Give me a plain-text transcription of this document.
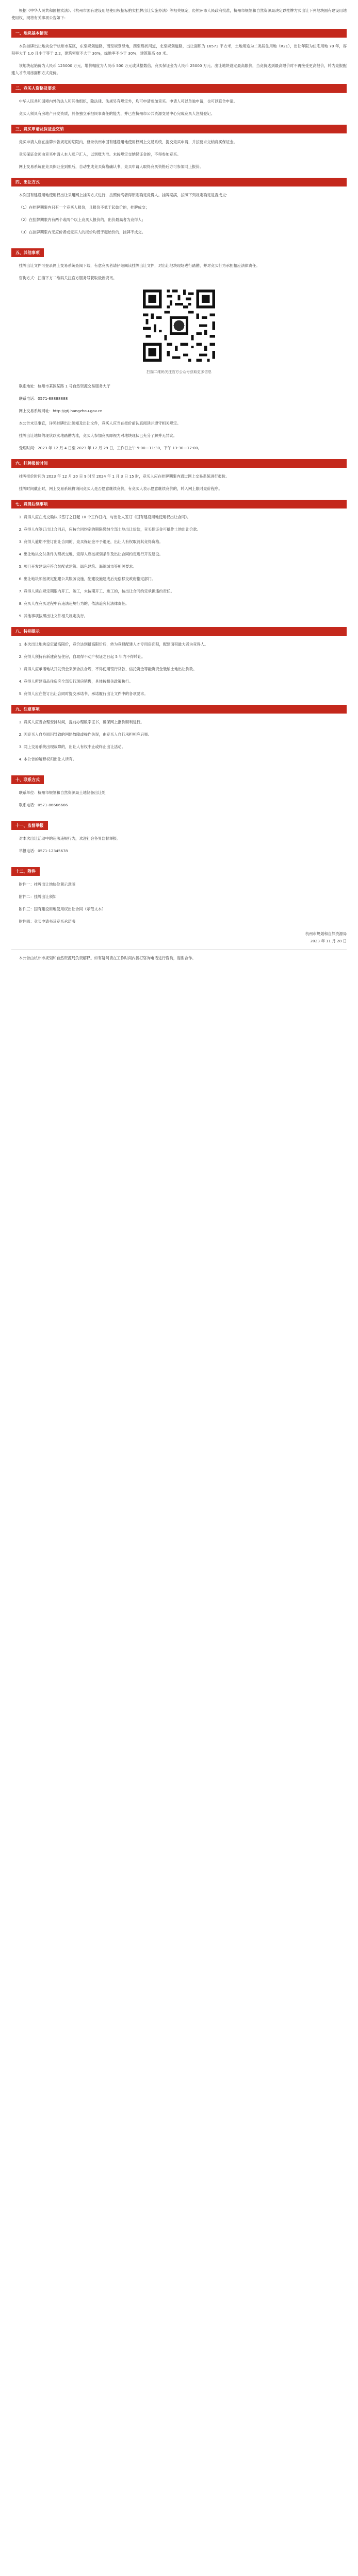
根据《中华人民共和国拍卖法》、《杭州市国有建设用地使用权招标拍卖挂牌出让实施办法》等相关规定，经杭州市人民政府批准，杭州市规划和自然资源局决定以挂牌方式出让下列地块国有建设用地使用权，现将有关事项公告如下：

一、地块基本情况

本次挂牌出让地块位于杭州市某区，东至规划道路，南至规划绿地，西至现状河道，北至规划道路，出让面积为 16573 平方米，土地用途为二类居住用地（R21），出让年限为住宅用地 70 年，容积率大于 1.0 且小于等于 2.2，建筑密度不大于 30%，绿地率不小于 30%，建筑限高 60 米。

该地块起始价为人民币 125000 万元，增价幅度为人民币 500 万元或其整数倍，竞买保证金为人民币 25000 万元。出让地块设定最高限价，当竞价达到最高限价时不再接受更高报价，转为竞报配建人才专用房面积方式竞价。

二、竞买人资格及要求

中华人民共和国境内外的法人和其他组织，除法律、法规另有规定外，均可申请参加竞买。申请人可以单独申请，也可以联合申请。

竞买人须具有房地产开发资质，具备独立承担民事责任的能力，并已在杭州市公共资源交易中心完成竞买人注册登记。

三、竞买申请及保证金交纳

竞买申请人应在挂牌公告规定的期限内，登录杭州市国有建设用地使用权网上交易系统，提交竞买申请，并按要求交纳竞买保证金。

竞买保证金须由竞买申请人本人账户汇入，以到账为准。未按规定交纳保证金的，不得参加竞买。

网上交易系统在竞买保证金到账后，自动生成竞买资格确认书，竞买申请人取得竞买资格后方可参加网上报价。

四、出让方式

本次国有建设用地使用权出让采用网上挂牌方式进行，按照价高者得原则确定竞得人。挂牌期满，按照下列规定确定是否成交：

（1）在挂牌期限内只有一个竞买人报价，且报价不低于起始价的，挂牌成交；

（2）在挂牌期限内有两个或两个以上竞买人报价的，出价最高者为竞得人；

（3）在挂牌期限内无应价者或竞买人的报价均低于起始价的，挂牌不成交。

五、其他事项

挂牌出让文件可登录网上交易系统查阅下载，有意竞买者请仔细阅读挂牌出让文件，对出让地块现场进行踏勘，并对竞买行为承担相应法律责任。

咨询方式：扫描下方二维码关注官方服务号获取最新资讯。

扫描二维码关注官方公众号获取更多信息

联系地址：杭州市某区某路 1 号自然资源交易服务大厅

联系电话：0571-88888888

网上交易系统网址：http://gtj.hangzhou.gov.cn

本公告未尽事宜，详见挂牌出让须知及出让文件，竞买人应当在报价前认真阅读并遵守相关规定。

挂牌出让地块的现状以实地踏勘为准，竞买人参加竞买即视为对地块现状已充分了解并无异议。

受理时间：2023 年 12 月 4 日至 2023 年 12 月 29 日，工作日上午 9:00—11:30，下午 13:30—17:00。

六、挂牌报价时间

挂牌报价时间为 2023 年 12 月 20 日 9 时至 2024 年 1 月 3 日 15 时，竞买人应在挂牌期限内通过网上交易系统进行报价。

挂牌时间截止时，网上交易系统将询问竞买人是否愿意继续竞价，有竞买人表示愿意继续竞价的，转入网上限时竞价程序。

七、竞得后续事项

1. 竞得人应在成交确认书签订之日起 10 个工作日内，与出让人签订《国有建设用地使用权出让合同》。

2. 竞得人在签订出让合同后，应按合同约定的期限缴纳全部土地出让价款，竞买保证金可抵作土地出让价款。

3. 竞得人逾期不签订出让合同的，竞买保证金不予退还，出让人有权取消其竞得资格。

4. 出让地块交付条件为现状交地，竞得人应按规划条件及出让合同约定进行开发建设。

5. 项目开发建设应符合装配式建筑、绿色建筑、海绵城市等相关要求。

6. 出让地块须按规定配建公共服务设施，配建设施建成后无偿移交政府指定部门。

7. 竞得人须在规定期限内开工、竣工，未按期开工、竣工的，按出让合同约定承担违约责任。

8. 竞买人在竞买过程中有违法违规行为的，依法追究其法律责任。

9. 其他事项按照出让文件相关规定执行。

八、特别提示

1. 本次出让地块设定最高限价，竞价达到最高限价后，转为竞报配建人才专用房面积，配建面积最大者为竞得人。

2. 竞得人须持有新建商品住房，自取得不动产权证之日起 5 年内不得转让。

3. 竞得人应承诺地块开发资金来源合法合规，不得使用银行贷款、信托资金等融资资金缴纳土地出让价款。

4. 竞得人所建商品住房应全部实行现房销售，具体按相关政策执行。

5. 竞得人应在签订出让合同时提交承诺书，承诺履行出让文件中的各项要求。

九、注意事项

1. 竞买人应当合理安排时间，提前办理数字证书，确保网上报价顺利进行。

2. 因竞买人自身原因导致的网络故障或操作失误，由竞买人自行承担相应后果。

3. 网上交易系统出现故障的，出让人有权中止或终止出让活动。

4. 本公告的解释权归出让人所有。

十、联系方式

联系单位：杭州市规划和自然资源局土地储备出让处

联系电话：0571-86666666

十一、监督举报

对本次出让活动中的违法违规行为，欢迎社会各界监督举报。

举报电话：0571-12345678

十二、附件

附件一：挂牌出让地块位置示意图

附件二：挂牌出让须知

附件三：国有建设用地使用权出让合同（示范文本）

附件四：竞买申请书及竞买承诺书

杭州市规划和自然资源局

2023 年 11 月 28 日

本公告由杭州市规划和自然资源局负责解释。如有疑问请在工作时间内拨打咨询电话进行咨询，谢谢合作。
